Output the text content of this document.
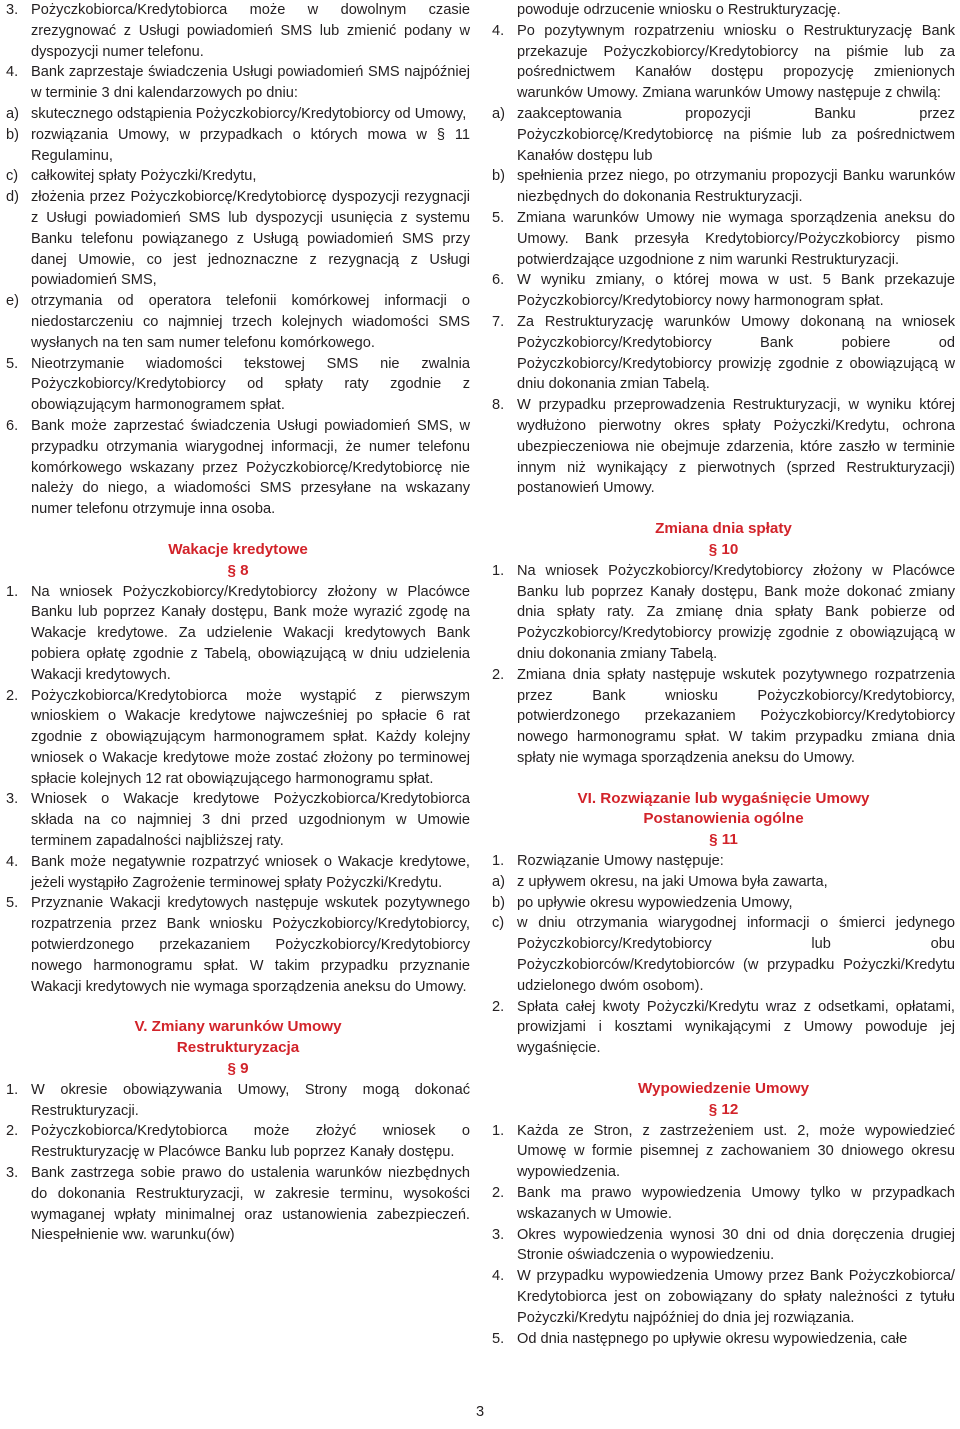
3. Pożyczkobiorca/Kredytobiorca może w dowolnym czasie zrezygnować z Usługi powiadomień SMS lub zmienić podany w dyspozycji numer telefonu.
4. Bank zaprzestaje świadczenia Usługi powiadomień SMS najpóźniej w terminie 3 dni kalendarzowych po dniu:
a) skutecznego odstąpienia Pożyczkobiorcy/Kredytobiorcy od Umowy,
b) rozwiązania Umowy, w przypadkach o których mowa w § 11 Regulaminu,
c) całkowitej spłaty Pożyczki/Kredytu,
d) złożenia przez Pożyczkobiorcę/Kredytobiorcę dyspozycji rezygnacji z Usługi powiadomień SMS lub dyspozycji usunięcia z systemu Banku telefonu powiązanego z Usługą powiadomień SMS przy danej Umowie, co jest jednoznaczne z rezygnacją z Usługi powiadomień SMS,
e) otrzymania od operatora telefonii komórkowej informacji o niedostarczeniu co najmniej trzech kolejnych wiadomości SMS wysłanych na ten sam numer telefonu komórkowego.
5. Nieotrzymanie wiadomości tekstowej SMS nie zwalnia Pożyczkobiorcy/Kredytobiorcy od spłaty raty zgodnie z obowiązującym harmonogramem spłat.
6. Bank może zaprzestać świadczenia Usługi powiadomień SMS, w przypadku otrzymania wiarygodnej informacji, że numer telefonu komórkowego wskazany przez Pożyczkobiorcę/Kredytobiorcę nie należy do niego, a wiadomości SMS przesyłane na wskazany numer telefonu otrzymuje inna osoba.
Wakacje kredytowe
§ 8
1. Na wniosek Pożyczkobiorcy/Kredytobiorcy złożony w Placówce Banku lub poprzez Kanały dostępu, Bank może wyrazić zgodę na Wakacje kredytowe. Za udzielenie Wakacji kredytowych Bank pobiera opłatę zgodnie z Tabelą, obowiązującą w dniu udzielenia Wakacji kredytowych.
2. Pożyczkobiorca/Kredytobiorca może wystąpić z pierwszym wnioskiem o Wakacje kredytowe najwcześniej po spłacie 6 rat zgodnie z obowiązującym harmonogramem spłat. Każdy kolejny wniosek o Wakacje kredytowe może zostać złożony po terminowej spłacie kolejnych 12 rat obowiązującego harmonogramu spłat.
3. Wniosek o Wakacje kredytowe Pożyczkobiorca/Kredytobiorca składa na co najmniej 3 dni przed uzgodnionym w Umowie terminem zapadalności najbliższej raty.
4. Bank może negatywnie rozpatrzyć wniosek o Wakacje kredytowe, jeżeli wystąpiło Zagrożenie terminowej spłaty Pożyczki/Kredytu.
5. Przyznanie Wakacji kredytowych następuje wskutek pozytywnego rozpatrzenia przez Bank wniosku Pożyczkobiorcy/Kredytobiorcy, potwierdzonego przekazaniem Pożyczkobiorcy/Kredytobiorcy nowego harmonogramu spłat. W takim przypadku przyznanie Wakacji kredytowych nie wymaga sporządzenia aneksu do Umowy.
V. Zmiany warunków Umowy
Restrukturyzacja
§ 9
1. W okresie obowiązywania Umowy, Strony mogą dokonać Restrukturyzacji.
2. Pożyczkobiorca/Kredytobiorca może złożyć wniosek o Restrukturyzację w Placówce Banku lub poprzez Kanały dostępu.
3. Bank zastrzega sobie prawo do ustalenia warunków niezbędnych do dokonania Restrukturyzacji, w zakresie terminu, wysokości wymaganej wpłaty minimalnej oraz ustanowienia zabezpieczeń. Niespełnienie ww. warunku(ów)
powoduje odrzucenie wniosku o Restrukturyzację.
4. Po pozytywnym rozpatrzeniu wniosku o Restrukturyzację Bank przekazuje Pożyczkobiorcy/Kredytobiorcy na piśmie lub za pośrednictwem Kanałów dostępu propozycję zmienionych warunków Umowy. Zmiana warunków Umowy następuje z chwilą:
a) zaakceptowania propozycji Banku przez Pożyczkobiorcę/Kredytobiorcę na piśmie lub za pośrednictwem Kanałów dostępu lub
b) spełnienia przez niego, po otrzymaniu propozycji Banku warunków niezbędnych do dokonania Restrukturyzacji.
5. Zmiana warunków Umowy nie wymaga sporządzenia aneksu do Umowy. Bank przesyła Kredytobiorcy/Pożyczkobiorcy pismo potwierdzające uzgodnione z nim warunki Restrukturyzacji.
6. W wyniku zmiany, o której mowa w ust. 5 Bank przekazuje Pożyczkobiorcy/Kredytobiorcy nowy harmonogram spłat.
7. Za Restrukturyzację warunków Umowy dokonaną na wniosek Pożyczkobiorcy/Kredytobiorcy Bank pobiere od Pożyczkobiorcy/Kredytobiorcy prowizję zgodnie z obowiązującą w dniu dokonania zmian Tabelą.
8. W przypadku przeprowadzenia Restrukturyzacji, w wyniku której wydłużono pierwotny okres spłaty Pożyczki/Kredytu, ochrona ubezpieczeniowa nie obejmuje zdarzenia, które zaszło w terminie innym niż wynikający z pierwotnych (sprzed Restrukturyzacji) postanowień Umowy.
Zmiana dnia spłaty
§ 10
1. Na wniosek Pożyczkobiorcy/Kredytobiorcy złożony w Placówce Banku lub poprzez Kanały dostępu, Bank może dokonać zmiany dnia spłaty raty. Za zmianę dnia spłaty Bank pobierze od Pożyczkobiorcy/Kredytobiorcy prowizję zgodnie z obowiązującą w dniu dokonania zmiany Tabelą.
2. Zmiana dnia spłaty następuje wskutek pozytywnego rozpatrzenia przez Bank wniosku Pożyczkobiorcy/Kredytobiorcy, potwierdzonego przekazaniem Pożyczkobiorcy/Kredytobiorcy nowego harmonogramu spłat. W takim przypadku zmiana dnia spłaty nie wymaga sporządzenia aneksu do Umowy.
VI. Rozwiązanie lub wygaśnięcie Umowy
Postanowienia ogólne
§ 11
1. Rozwiązanie Umowy następuje:
a) z upływem okresu, na jaki Umowa była zawarta,
b) po upływie okresu wypowiedzenia Umowy,
c) w dniu otrzymania wiarygodnej informacji o śmierci jedynego Pożyczkobiorcy/Kredytobiorcy lub obu Pożyczkobiorców/Kredytobiorców (w przypadku Pożyczki/Kredytu udzielonego dwóm osobom).
2. Spłata całej kwoty Pożyczki/Kredytu wraz z odsetkami, opłatami, prowizjami i kosztami wynikającymi z Umowy powoduje jej wygaśnięcie.
Wypowiedzenie Umowy
§ 12
1. Każda ze Stron, z zastrzeżeniem ust. 2, może wypowiedzieć Umowę w formie pisemnej z zachowaniem 30 dniowego okresu wypowiedzenia.
2. Bank ma prawo wypowiedzenia Umowy tylko w przypadkach wskazanych w Umowie.
3. Okres wypowiedzenia wynosi 30 dni od dnia doręczenia drugiej Stronie oświadczenia o wypowiedzeniu.
4. W przypadku wypowiedzenia Umowy przez Bank Pożyczkobiorca/ Kredytobiorca jest on zobowiązany do spłaty należności z tytułu Pożyczki/Kredytu najpóźniej do dnia jej rozwiązania.
5. Od dnia następnego po upływie okresu wypowiedzenia, całe
3
